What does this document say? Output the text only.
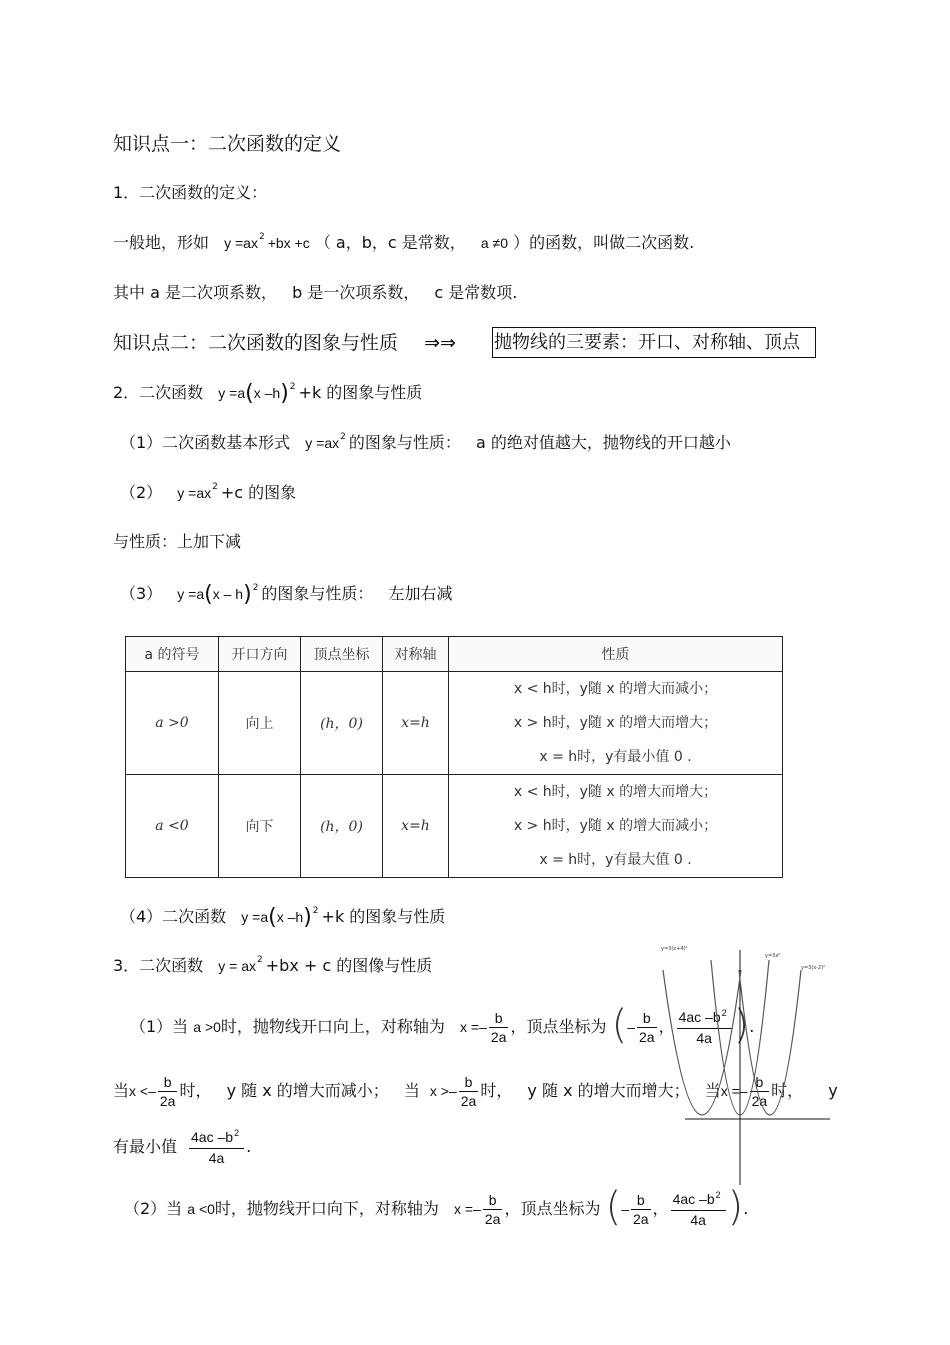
知识点一：二次函数的定义
1．二次函数的定义：
一般地，形如 $y =ax^2 +bx +c$ （ a，b，c 是常数， a ≠0 ）的函数，叫做二次函数.
其中 a 是二次项系数， b 是一次项系数， c 是常数项.
知识点二：二次函数的图象与性质 ⇒⇒ 抛物线的三要素：开口、对称轴、顶点
2．二次函数 y =a(x –h)$^2$ +k 的图象与性质
（1）二次函数基本形式 $y =ax^2$ 的图象与性质： a 的绝对值越大，抛物线的开口越小
（2） $y =ax^2 +c$ 的图象
与性质：上加下减
（3） y =a(x – h)$^2$ 的图象与性质： 左加右减
a 的符号	开口方向	顶点坐标	对称轴	性质
a >0	向上	(h，0)	x=h	x < h时，y随 x 的增大而减小；
x > h时，y随 x 的增大而增大；
x = h时，y有最小值 0 .

a <0	向下	(h，0)	x=h	x < h时，y随 x 的增大而增大；
x > h时，y随 x 的增大而减小；
x = h时，y有最大值 0 .
（4）二次函数 y =a(x –h)$^2$ +k 的图象与性质
3．二次函数 $y = ax^2 +bx + c$ 的图像与性质
（1）当 a >0时，抛物线开口向上，对称轴为 $x =- \frac{b}{2a}$ ，顶点坐标为 (– $\frac{b}{2a}$ ， $\frac{4ac -b^2}{4a}$ ).
当$x <- \frac{b}{2a}$ 时， y 随 x 的增大而减小； 当 $x >- \frac{b}{2a}$ 时， y 随 x 的增大而增大； 当$x =- \frac{b}{2a}$ 时， y
有最小值 $\frac{4ac -b^2}{4a}$ .
（2）当 a <0时，抛物线开口向下，对称轴为 $x =- \frac{b}{2a}$ ，顶点坐标为 (– $\frac{b}{2a}$ ， $\frac{4ac -b^2}{4a}$ ).
y=3(x+4)²
y=3x²
y=3(x-2)²
